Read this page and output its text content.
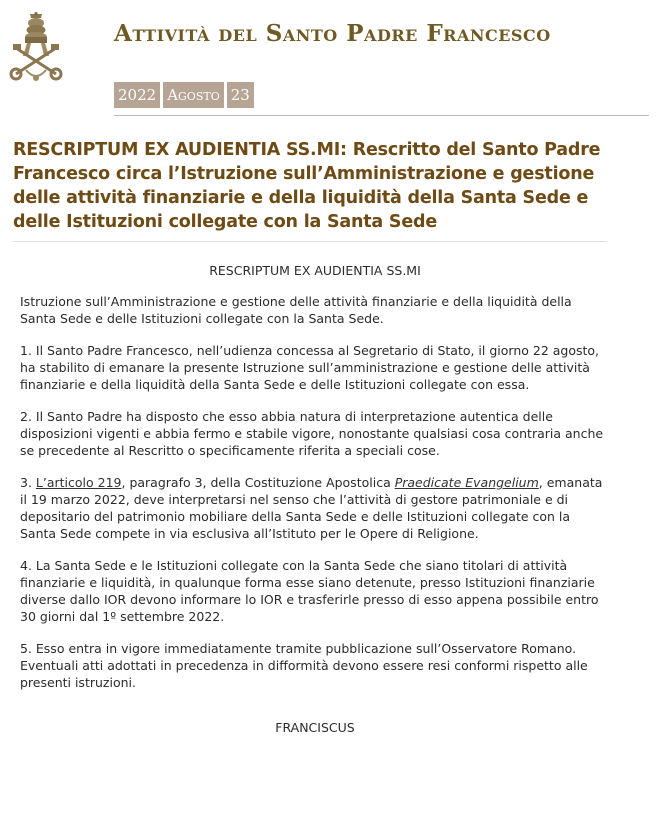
Attività del Santo Padre Francesco
2022 Agosto 23
RESCRIPTUM EX AUDIENTIA SS.MI: Rescritto del Santo Padre Francesco circa l’Istruzione sull’Amministrazione e gestione delle attività finanziarie e della liquidità della Santa Sede e delle Istituzioni collegate con la Santa Sede
RESCRIPTUM EX AUDIENTIA SS.MI

Istruzione sull’Amministrazione e gestione delle attività finanziarie e della liquidità della Santa Sede e delle Istituzioni collegate con la Santa Sede.

1. Il Santo Padre Francesco, nell’udienza concessa al Segretario di Stato, il giorno 22 agosto, ha stabilito di emanare la presente Istruzione sull’amministrazione e gestione delle attività finanziarie e della liquidità della Santa Sede e delle Istituzioni collegate con essa.

2. Il Santo Padre ha disposto che esso abbia natura di interpretazione autentica delle disposizioni vigenti e abbia fermo e stabile vigore, nonostante qualsiasi cosa contraria anche se precedente al Rescritto o specificamente riferita a speciali cose.

3. L’articolo 219, paragrafo 3, della Costituzione Apostolica Praedicate Evangelium, emanata il 19 marzo 2022, deve interpretarsi nel senso che l’attività di gestore patrimoniale e di depositario del patrimonio mobiliare della Santa Sede e delle Istituzioni collegate con la Santa Sede compete in via esclusiva all’Istituto per le Opere di Religione.

4. La Santa Sede e le Istituzioni collegate con la Santa Sede che siano titolari di attività finanziarie e liquidità, in qualunque forma esse siano detenute, presso Istituzioni finanziarie diverse dallo IOR devono informare lo IOR e trasferirle presso di esso appena possibile entro 30 giorni dal 1º settembre 2022.

5. Esso entra in vigore immediatamente tramite pubblicazione sull’Osservatore Romano. Eventuali atti adottati in precedenza in difformità devono essere resi conformi rispetto alle presenti istruzioni.

FRANCISCUS
